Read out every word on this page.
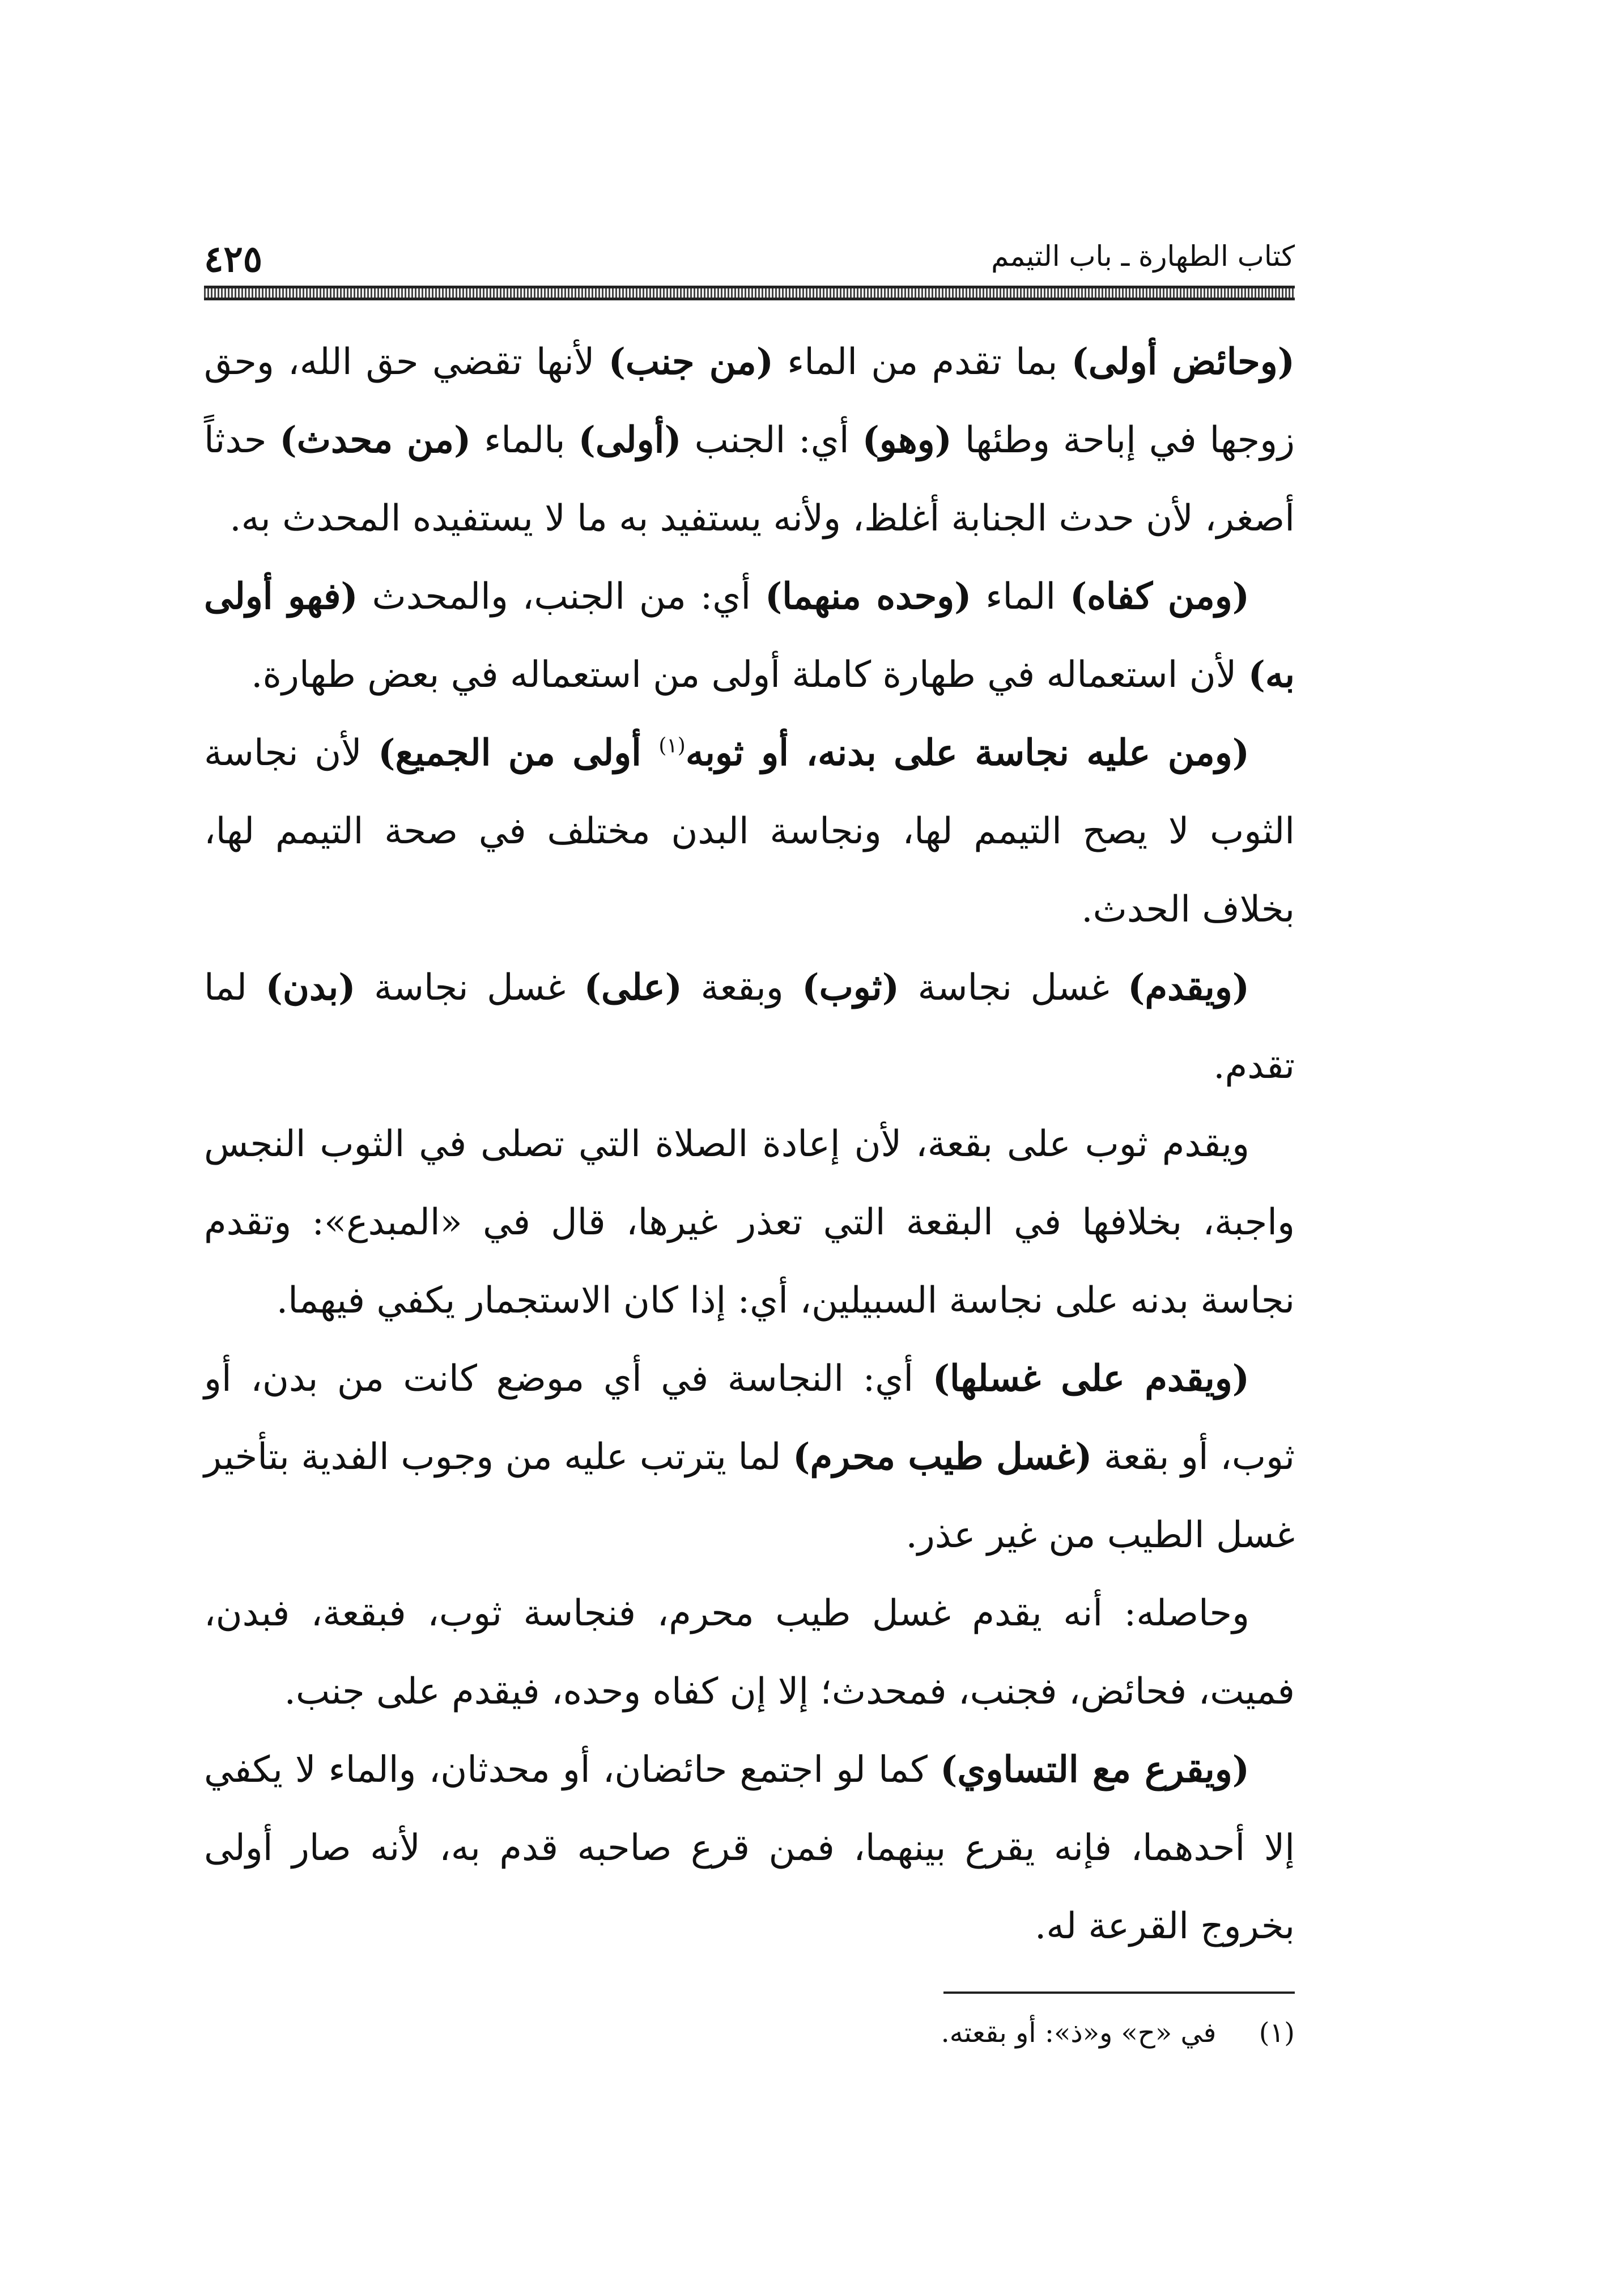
كتاب الطهارة ـ باب التيمم
٤٢٥

(وحائض أولى) بما تقدم من الماء (من جنب) لأنها تقضي حق الله، وحق زوجها في إباحة وطئها (وهو) أي: الجنب (أولى) بالماء (من محدث) حدثاً أصغر، لأن حدث الجنابة أغلظ، ولأنه يستفيد به ما لا يستفيده المحدث به.

(ومن كفاه) الماء (وحده منهما) أي: من الجنب، والمحدث (فهو أولى به) لأن استعماله في طهارة كاملة أولى من استعماله في بعض طهارة.

(ومن عليه نجاسة على بدنه، أو ثوبه$^{(١)}$ أولى من الجميع) لأن نجاسة الثوب لا يصح التيمم لها، ونجاسة البدن مختلف في صحة التيمم لها، بخلاف الحدث.

(ويقدم) غسل نجاسة (ثوب) وبقعة (على) غسل نجاسة (بدن) لما تقدم.

ويقدم ثوب على بقعة، لأن إعادة الصلاة التي تصلى في الثوب النجس واجبة، بخلافها في البقعة التي تعذر غيرها، قال في «المبدع»: وتقدم نجاسة بدنه على نجاسة السبيلين، أي: إذا كان الاستجمار يكفي فيهما.

(ويقدم على غسلها) أي: النجاسة في أي موضع كانت من بدن، أو ثوب، أو بقعة (غسل طيب محرم) لما يترتب عليه من وجوب الفدية بتأخير غسل الطيب من غير عذر.

وحاصله: أنه يقدم غسل طيب محرم، فنجاسة ثوب، فبقعة، فبدن، فميت، فحائض، فجنب، فمحدث؛ إلا إن كفاه وحده، فيقدم على جنب.

(ويقرع مع التساوي) كما لو اجتمع حائضان، أو محدثان، والماء لا يكفي إلا أحدهما، فإنه يقرع بينهما، فمن قرع صاحبه قدم به، لأنه صار أولى بخروج القرعة له.

(١) في «ح» و«ذ»: أو بقعته.
